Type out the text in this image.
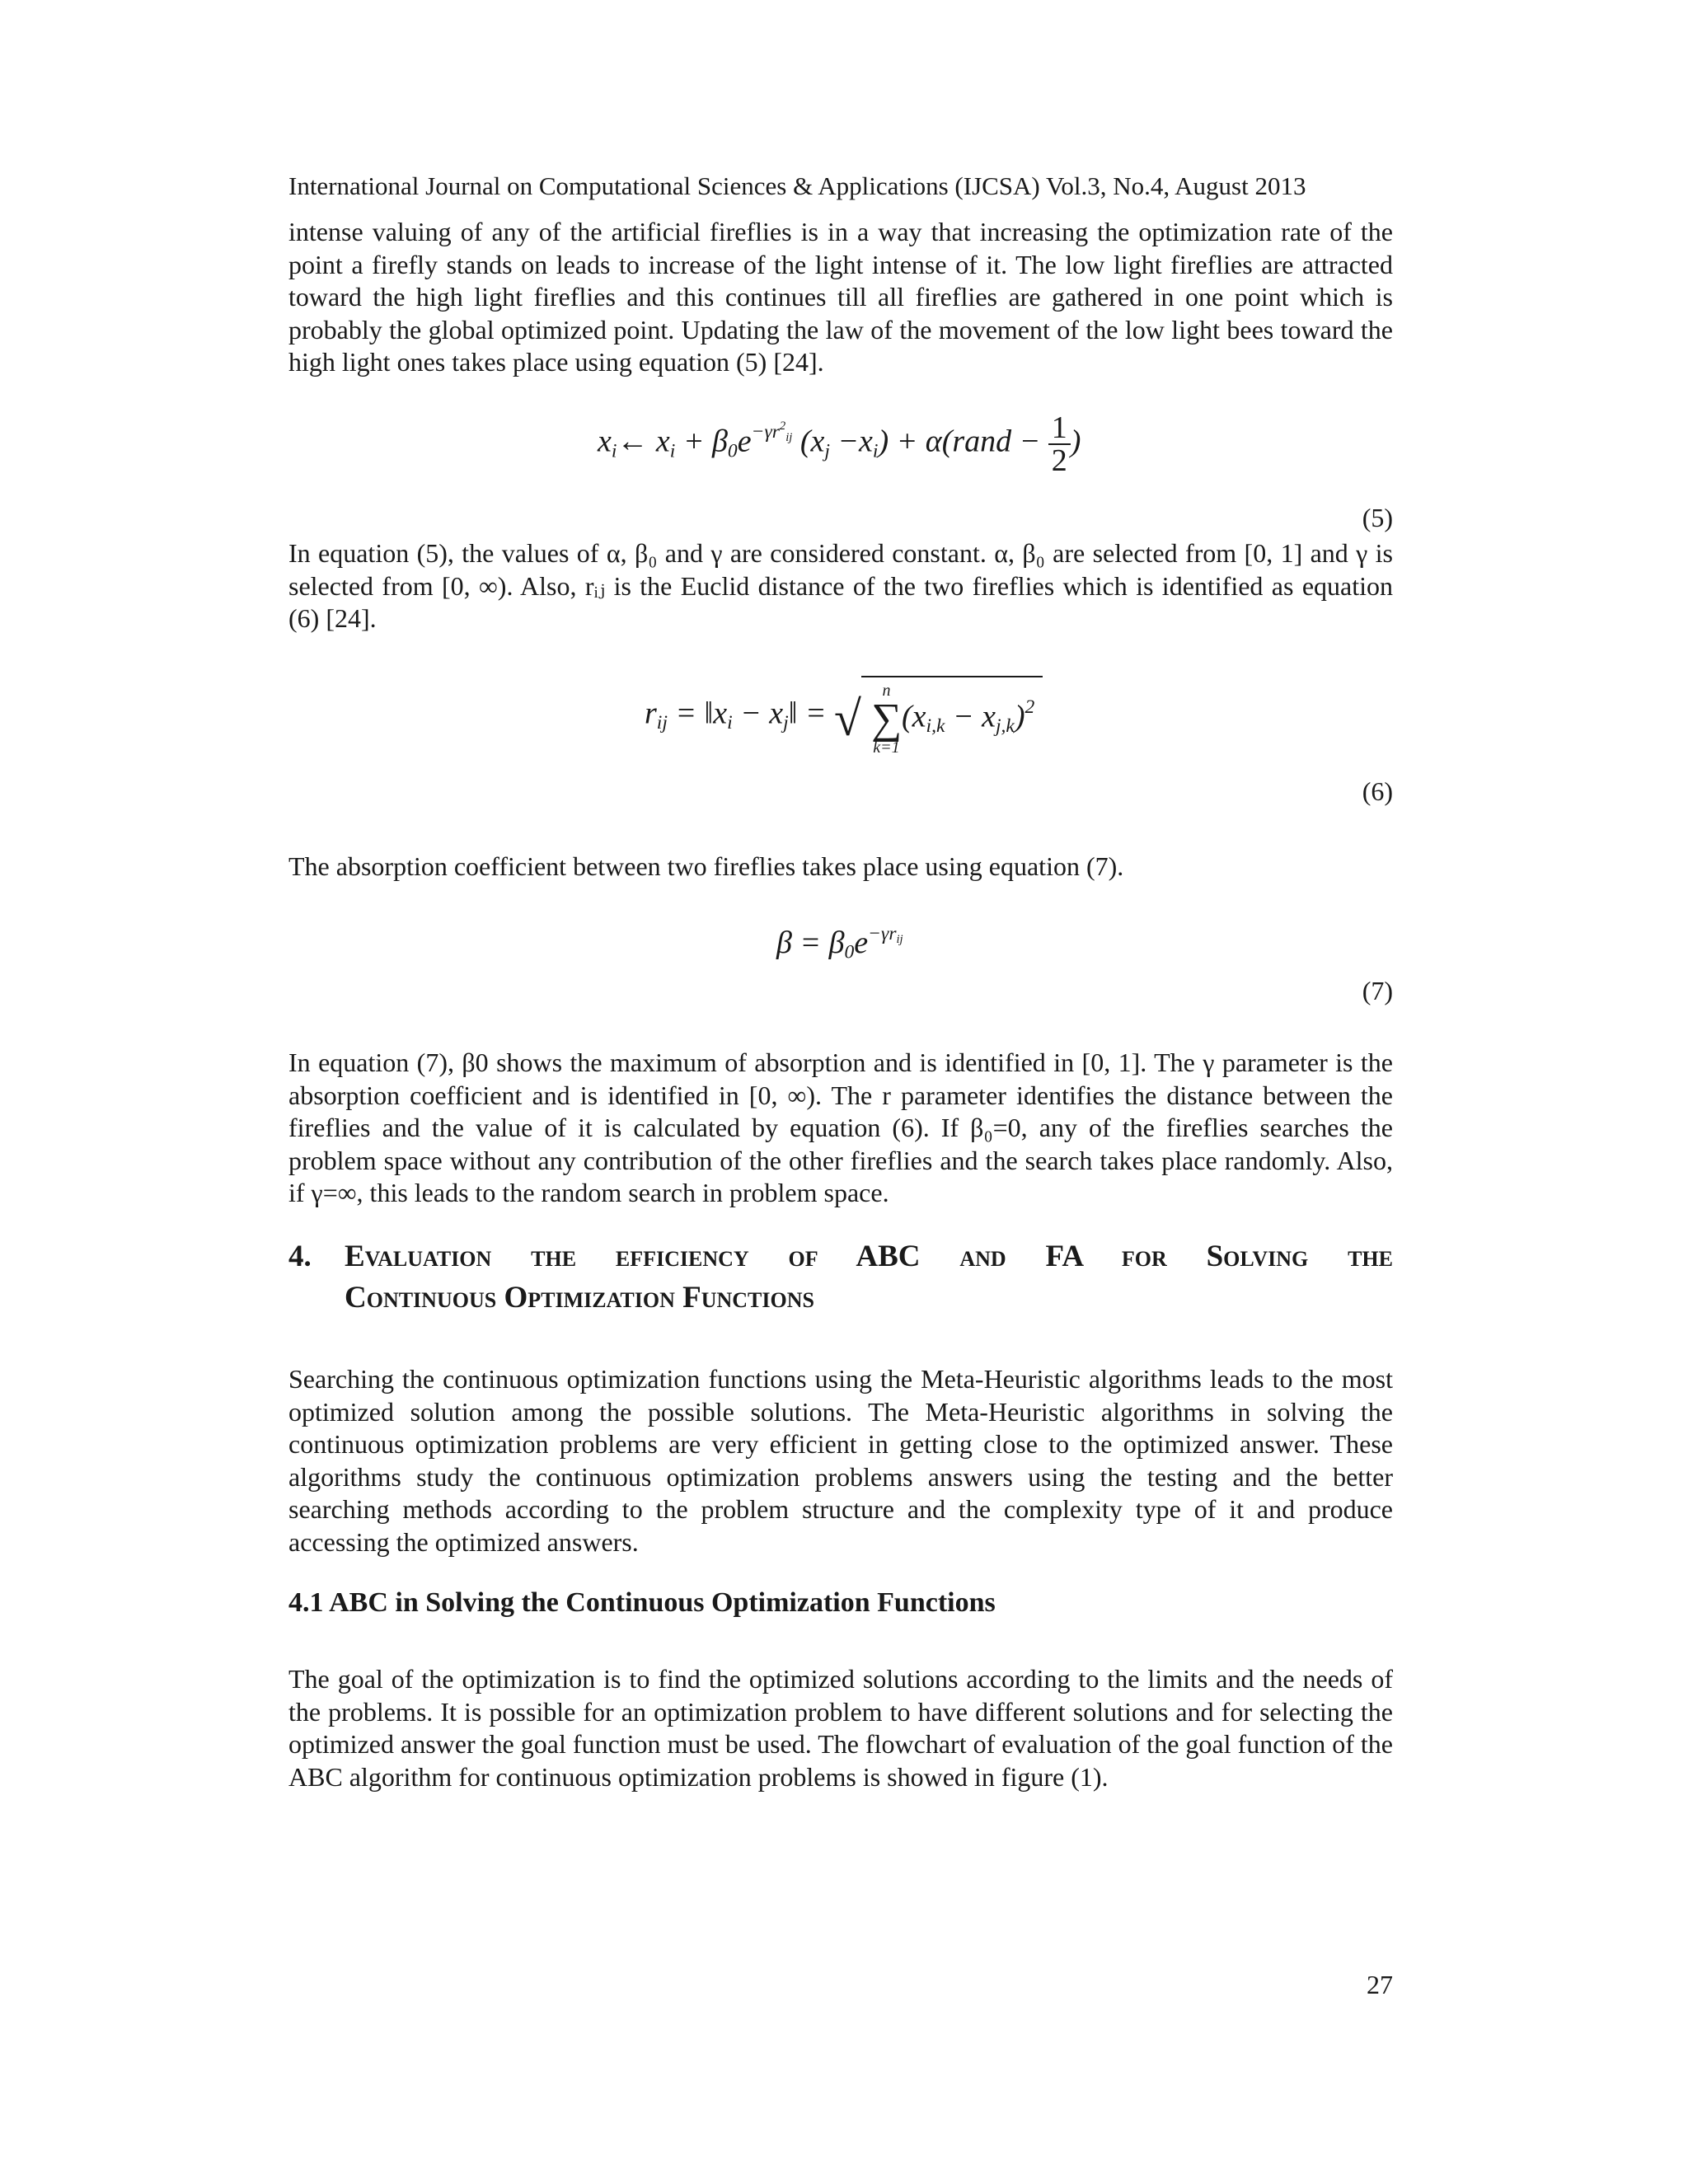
International Journal on Computational Sciences & Applications (IJCSA) Vol.3, No.4, August 2013

intense valuing of any of the artificial fireflies is in a way that increasing the optimization rate of the point a firefly stands on leads to increase of the light intense of it. The low light fireflies are attracted toward the high light fireflies and this continues till all fireflies are gathered in one point which is probably the global optimized point. Updating the law of the movement of the low light bees toward the high light ones takes place using equation (5) [24].

$x_i\leftarrow$ $x_i + \beta_0e^{-\gamma r^2_{ij}}$ $(x_j -x_i)$ + α(rand − $\frac{1}{2}$ )
(5)

In equation (5), the values of α, β₀ and γ are considered constant. α, β₀ are selected from [0, 1] and γ is selected from [0, ∞). Also, rᵢⱼ is the Euclid distance of the two fireflies which is identified as equation (6) [24].

$r_{ij}$ = $‖x_i$ − $x_j‖$ = √
n
∑
k=1
$(x_{i,k} - x_{j,k})^2$
(6)

The absorption coefficient between two fireflies takes place using equation (7).

$\beta = \beta_0e^{-\gamma r_{ij}}$
(7)

In equation (7), β0 shows the maximum of absorption and is identified in [0, 1]. The γ parameter is the absorption coefficient and is identified in [0, ∞). The r parameter identifies the distance between the fireflies and the value of it is calculated by equation (6). If β₀=0, any of the fireflies searches the problem space without any contribution of the other fireflies and the search takes place randomly. Also, if γ=∞, this leads to the random search in problem space.

4. Evaluation the efficiency of ABC and FA for Solving the
Continuous Optimization Functions

Searching the continuous optimization functions using the Meta-Heuristic algorithms leads to the most optimized solution among the possible solutions. The Meta-Heuristic algorithms in solving the continuous optimization problems are very efficient in getting close to the optimized answer. These algorithms study the continuous optimization problems answers using the testing and the better searching methods according to the problem structure and the complexity type of it and produce accessing the optimized answers.

4.1 ABC in Solving the Continuous Optimization Functions

The goal of the optimization is to find the optimized solutions according to the limits and the needs of the problems. It is possible for an optimization problem to have different solutions and for selecting the optimized answer the goal function must be used. The flowchart of evaluation of the goal function of the ABC algorithm for continuous optimization problems is showed in figure (1).

27
